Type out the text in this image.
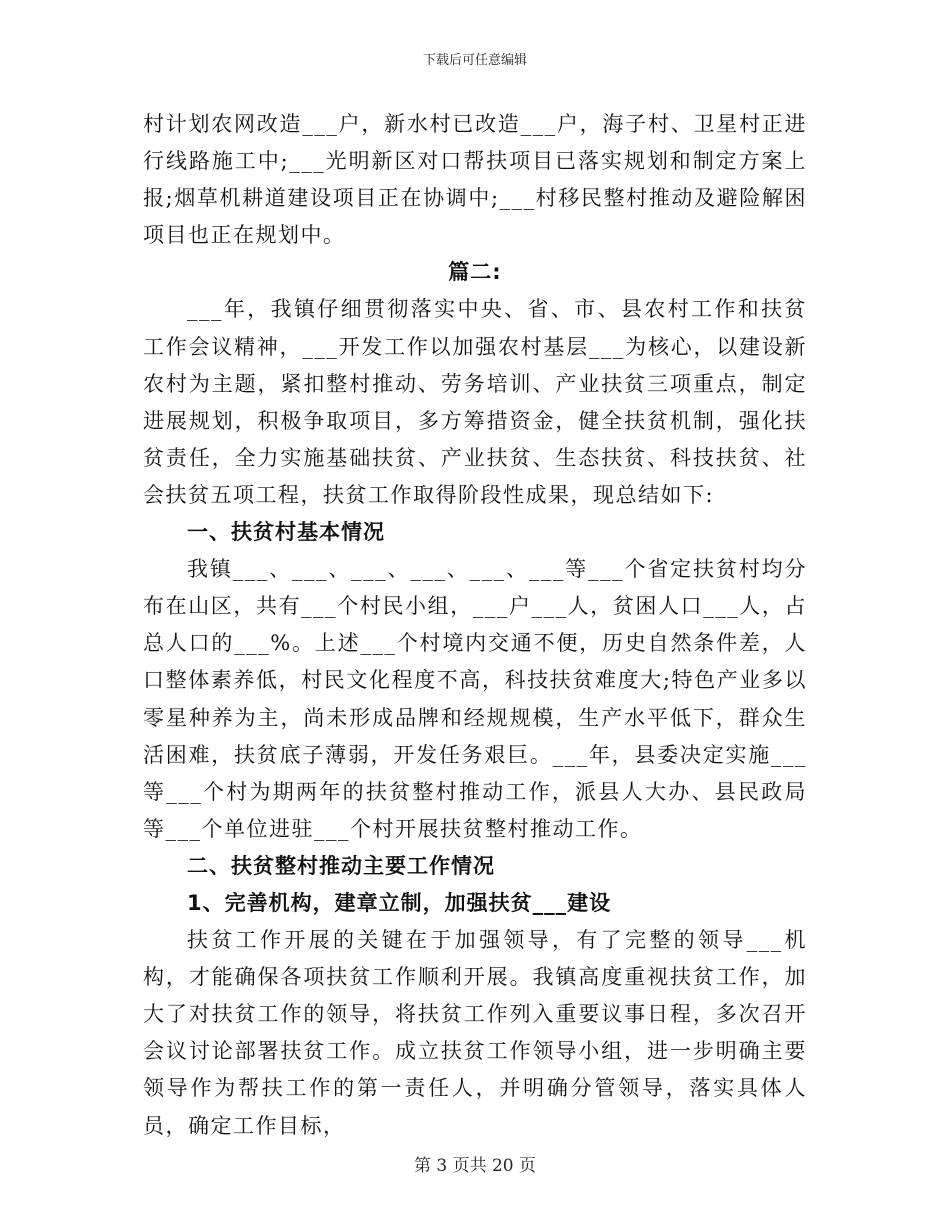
下载后可任意编辑

村计划农网改造___户，新水村已改造___户，海子村、卫星村正进行线路施工中;___光明新区对口帮扶项目已落实规划和制定方案上报;烟草机耕道建设项目正在协调中;___村移民整村推动及避险解困项目也正在规划中。

篇二:

___年，我镇仔细贯彻落实中央、省、市、县农村工作和扶贫工作会议精神，___开发工作以加强农村基层___为核心，以建设新农村为主题，紧扣整村推动、劳务培训、产业扶贫三项重点，制定进展规划，积极争取项目，多方筹措资金，健全扶贫机制，强化扶贫责任，全力实施基础扶贫、产业扶贫、生态扶贫、科技扶贫、社会扶贫五项工程，扶贫工作取得阶段性成果，现总结如下:

一、扶贫村基本情况

我镇___、___、___、___、___、___等___个省定扶贫村均分布在山区，共有___个村民小组，___户___人，贫困人口___人，占总人口的___%。上述___个村境内交通不便，历史自然条件差，人口整体素养低，村民文化程度不高，科技扶贫难度大;特色产业多以零星种养为主，尚未形成品牌和经规规模，生产水平低下，群众生活困难，扶贫底子薄弱，开发任务艰巨。___年，县委决定实施___等___个村为期两年的扶贫整村推动工作，派县人大办、县民政局等___个单位进驻___个村开展扶贫整村推动工作。

二、扶贫整村推动主要工作情况

1、完善机构，建章立制，加强扶贫___建设

扶贫工作开展的关键在于加强领导，有了完整的领导___机构，才能确保各项扶贫工作顺利开展。我镇高度重视扶贫工作，加大了对扶贫工作的领导，将扶贫工作列入重要议事日程，多次召开会议讨论部署扶贫工作。成立扶贫工作领导小组，进一步明确主要领导作为帮扶工作的第一责任人，并明确分管领导，落实具体人员，确定工作目标，

第 3 页共 20 页
